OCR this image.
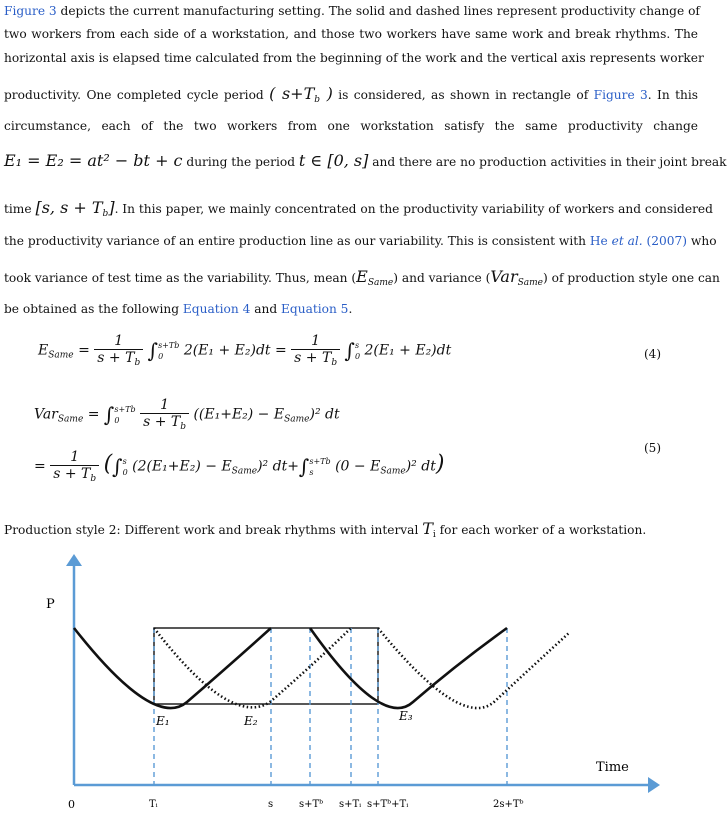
Figure 3 depicts the current manufacturing setting. The solid and dashed lines represent productivity change of
two workers from each side of a workstation, and those two workers have same work and break rhythms. The
horizontal axis is elapsed time calculated from the beginning of the work and the vertical axis represents worker
productivity. One completed cycle period ( $s+T_b$ ) is considered, as shown in rectangle of Figure 3. In this
circumstance, each of the two workers from one workstation satisfy the same productivity change
E₁ = E₂ = at² − bt + c during the period t ∈ [0, s] and there are no production activities in their joint break
time [s, $s + T_b$]. In this paper, we mainly concentrated on the productivity variability of workers and considered
the productivity variance of an entire production line as our variability. This is consistent with He et al. (2007) who
took variance of test time as the variability. Thus, mean $(E_{Same})$ and variance (Var$_{Same}$) of production style one can
be obtained as the following Equation 4 and Equation 5.
$E_{Same} = \frac{1}{s + T_b}$ ∫ s+Tb
0	$2(E_1 + E_2)dt = \frac{1}{s + T_b}$ ∫ s
0 2(E₁ + E₂)dt	(4)
Var$_{Same}$ = ∫ s+Tb
0
	$\frac{1}{s + T_b} ((E_1+E_2) - E_{Same})^2$ dt
(5)
= $\frac{1}{s + T_b}$ (∫ s
0 $(2(E_1+E_2) - E_{Same})^2$ dt+∫ s+Tb
s	$(0 - E_{Same})^2$ dt)
Production style 2: Different work and break rhythms with interval $T_i$ for each worker of a workstation.
P
Time
0
E₁	E₂	E₃
Tᵢ	s	s+Tᵇ s+Tᵢ s+Tᵇ+Tᵢ	2s+Tᵇ
